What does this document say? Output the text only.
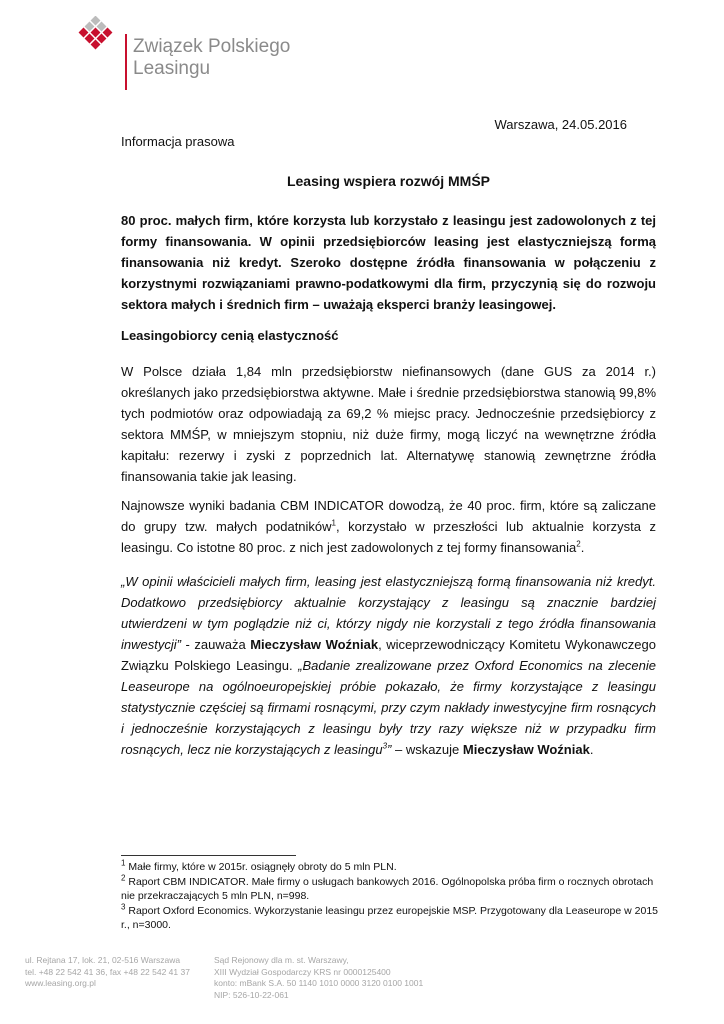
Związek Polskiego
Leasingu
Warszawa, 24.05.2016
Informacja prasowa
Leasing wspiera rozwój MMŚP
80 proc. małych firm, które korzysta lub korzystało z leasingu jest zadowolonych z tej formy finansowania. W opinii przedsiębiorców leasing jest elastyczniejszą formą finansowania niż kredyt. Szeroko dostępne źródła finansowania w połączeniu z korzystnymi rozwiązaniami prawno-podatkowymi dla firm, przyczynią się do rozwoju sektora małych i średnich firm – uważają eksperci branży leasingowej.
Leasingobiorcy cenią elastyczność
W Polsce działa 1,84 mln przedsiębiorstw niefinansowych (dane GUS za 2014 r.) określanych jako przedsiębiorstwa aktywne. Małe i średnie przedsiębiorstwa stanowią 99,8% tych podmiotów oraz odpowiadają za 69,2 % miejsc pracy. Jednocześnie przedsiębiorcy z sektora MMŚP, w mniejszym stopniu, niż duże firmy, mogą liczyć na wewnętrzne źródła kapitału: rezerwy i zyski z poprzednich lat. Alternatywę stanowią zewnętrzne źródła finansowania takie jak leasing.
Najnowsze wyniki badania CBM INDICATOR dowodzą, że 40 proc. firm, które są zaliczane do grupy tzw. małych podatników$^1$, korzystało w przeszłości lub aktualnie korzysta z leasingu. Co istotne 80 proc. z nich jest zadowolonych z tej formy finansowania$^2$.
„W opinii właścicieli małych firm, leasing jest elastyczniejszą formą finansowania niż kredyt. Dodatkowo przedsiębiorcy aktualnie korzystający z leasingu są znacznie bardziej utwierdzeni w tym poglądzie niż ci, którzy nigdy nie korzystali z tego źródła finansowania inwestycji” - zauważa Mieczysław Woźniak, wiceprzewodniczący Komitetu Wykonawczego Związku Polskiego Leasingu. „Badanie zrealizowane przez Oxford Economics na zlecenie Leaseurope na ogólnoeuropejskiej próbie pokazało, że firmy korzystające z leasingu statystycznie częściej są firmami rosnącymi, przy czym nakłady inwestycyjne firm rosnących i jednocześnie korzystających z leasingu były trzy razy większe niż w przypadku firm rosnących, lecz nie korzystających z leasingu$^3$” – wskazuje Mieczysław Woźniak.
$^1$ Małe firmy, które w 2015r. osiągnęły obroty do 5 mln PLN.
$^2$ Raport CBM INDICATOR. Małe firmy o usługach bankowych 2016. Ogólnopolska próba firm o rocznych obrotach nie przekraczających 5 mln PLN, n=998.
$^3$ Raport Oxford Economics. Wykorzystanie leasingu przez europejskie MSP. Przygotowany dla Leaseurope w 2015 r., n=3000.
ul. Rejtana 17, lok. 21, 02-516 Warszawa
tel. +48 22 542 41 36, fax +48 22 542 41 37
www.leasing.org.pl
Sąd Rejonowy dla m. st. Warszawy,
XIII Wydział Gospodarczy KRS nr 0000125400
konto: mBank S.A. 50 1140 1010 0000 3120 0100 1001
NIP: 526-10-22-061
